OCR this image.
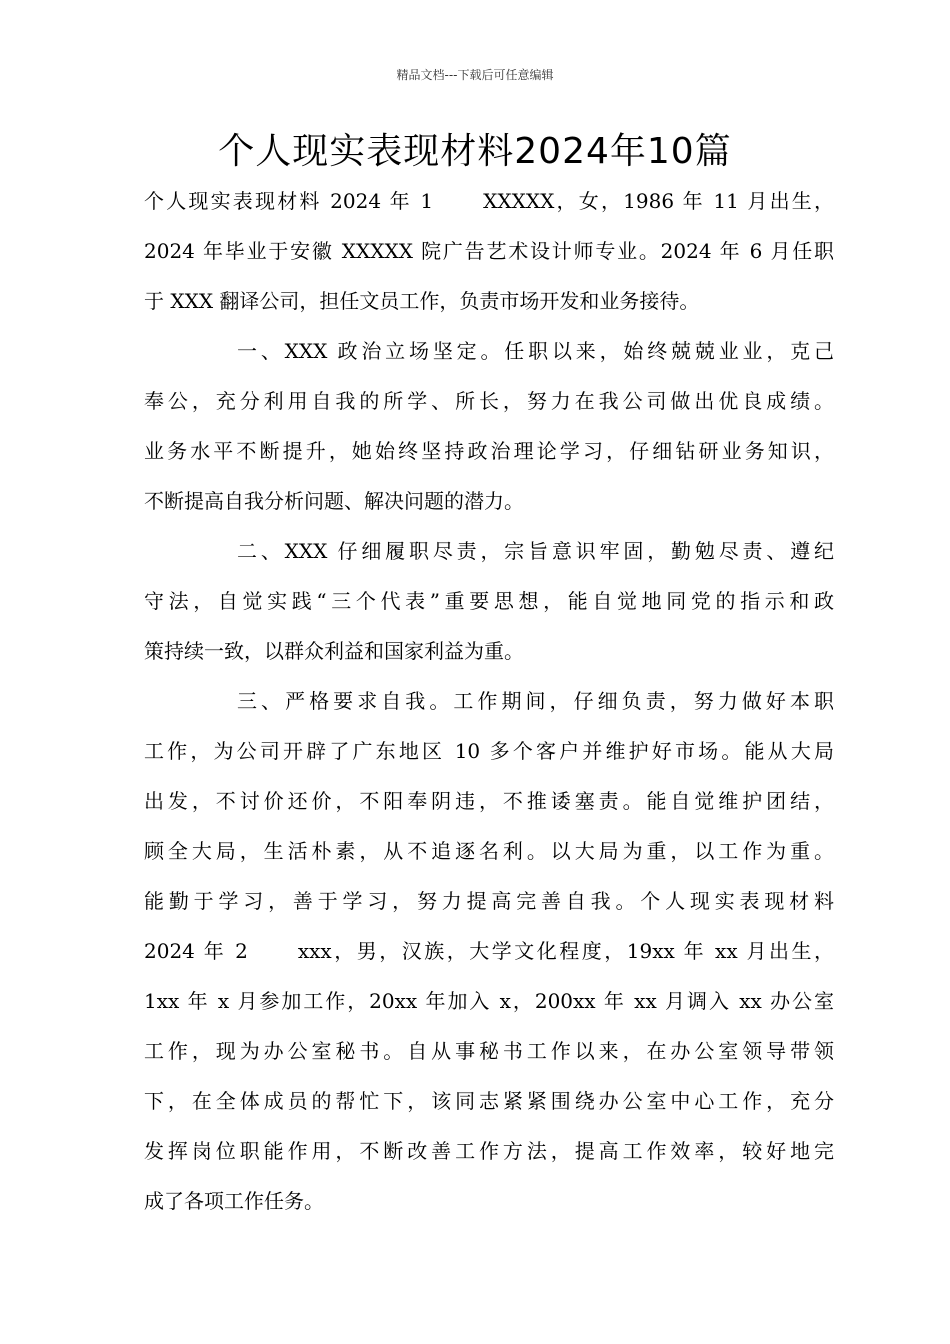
精品文档---下载后可任意编辑
个人现实表现材料2024年10篇
个人现实表现材料 2024 年 1	XXXXX，女，1986 年 11 月出生，
2024 年毕业于安徽 XXXXX 院广告艺术设计师专业。2024 年 6 月任职
于 XXX 翻译公司，担任文员工作，负责市场开发和业务接待。
一、XXX 政治立场坚定。任职以来，始终兢兢业业，克己
奉公，充分利用自我的所学、所长，努力在我公司做出优良成绩。
业务水平不断提升，她始终坚持政治理论学习，仔细钻研业务知识，
不断提高自我分析问题、解决问题的潜力。
二、XXX 仔细履职尽责，宗旨意识牢固，勤勉尽责、遵纪
守法，自觉实践“三个代表”重要思想，能自觉地同党的指示和政
策持续一致，以群众利益和国家利益为重。
三、严格要求自我。工作期间，仔细负责，努力做好本职
工作，为公司开辟了广东地区 10 多个客户并维护好市场。能从大局
出发，不讨价还价，不阳奉阴违，不推诿塞责。能自觉维护团结，
顾全大局，生活朴素，从不追逐名利。以大局为重，以工作为重。
能勤于学习，善于学习，努力提高完善自我。个人现实表现材料
2024 年 2	xxx，男，汉族，大学文化程度，19xx 年 xx 月出生，
1xx 年 x 月参加工作，20xx 年加入 x，200xx 年 xx 月调入 xx 办公室
工作，现为办公室秘书。自从事秘书工作以来，在办公室领导带领
下，在全体成员的帮忙下，该同志紧紧围绕办公室中心工作，充分
发挥岗位职能作用，不断改善工作方法，提高工作效率，较好地完
成了各项工作任务。
